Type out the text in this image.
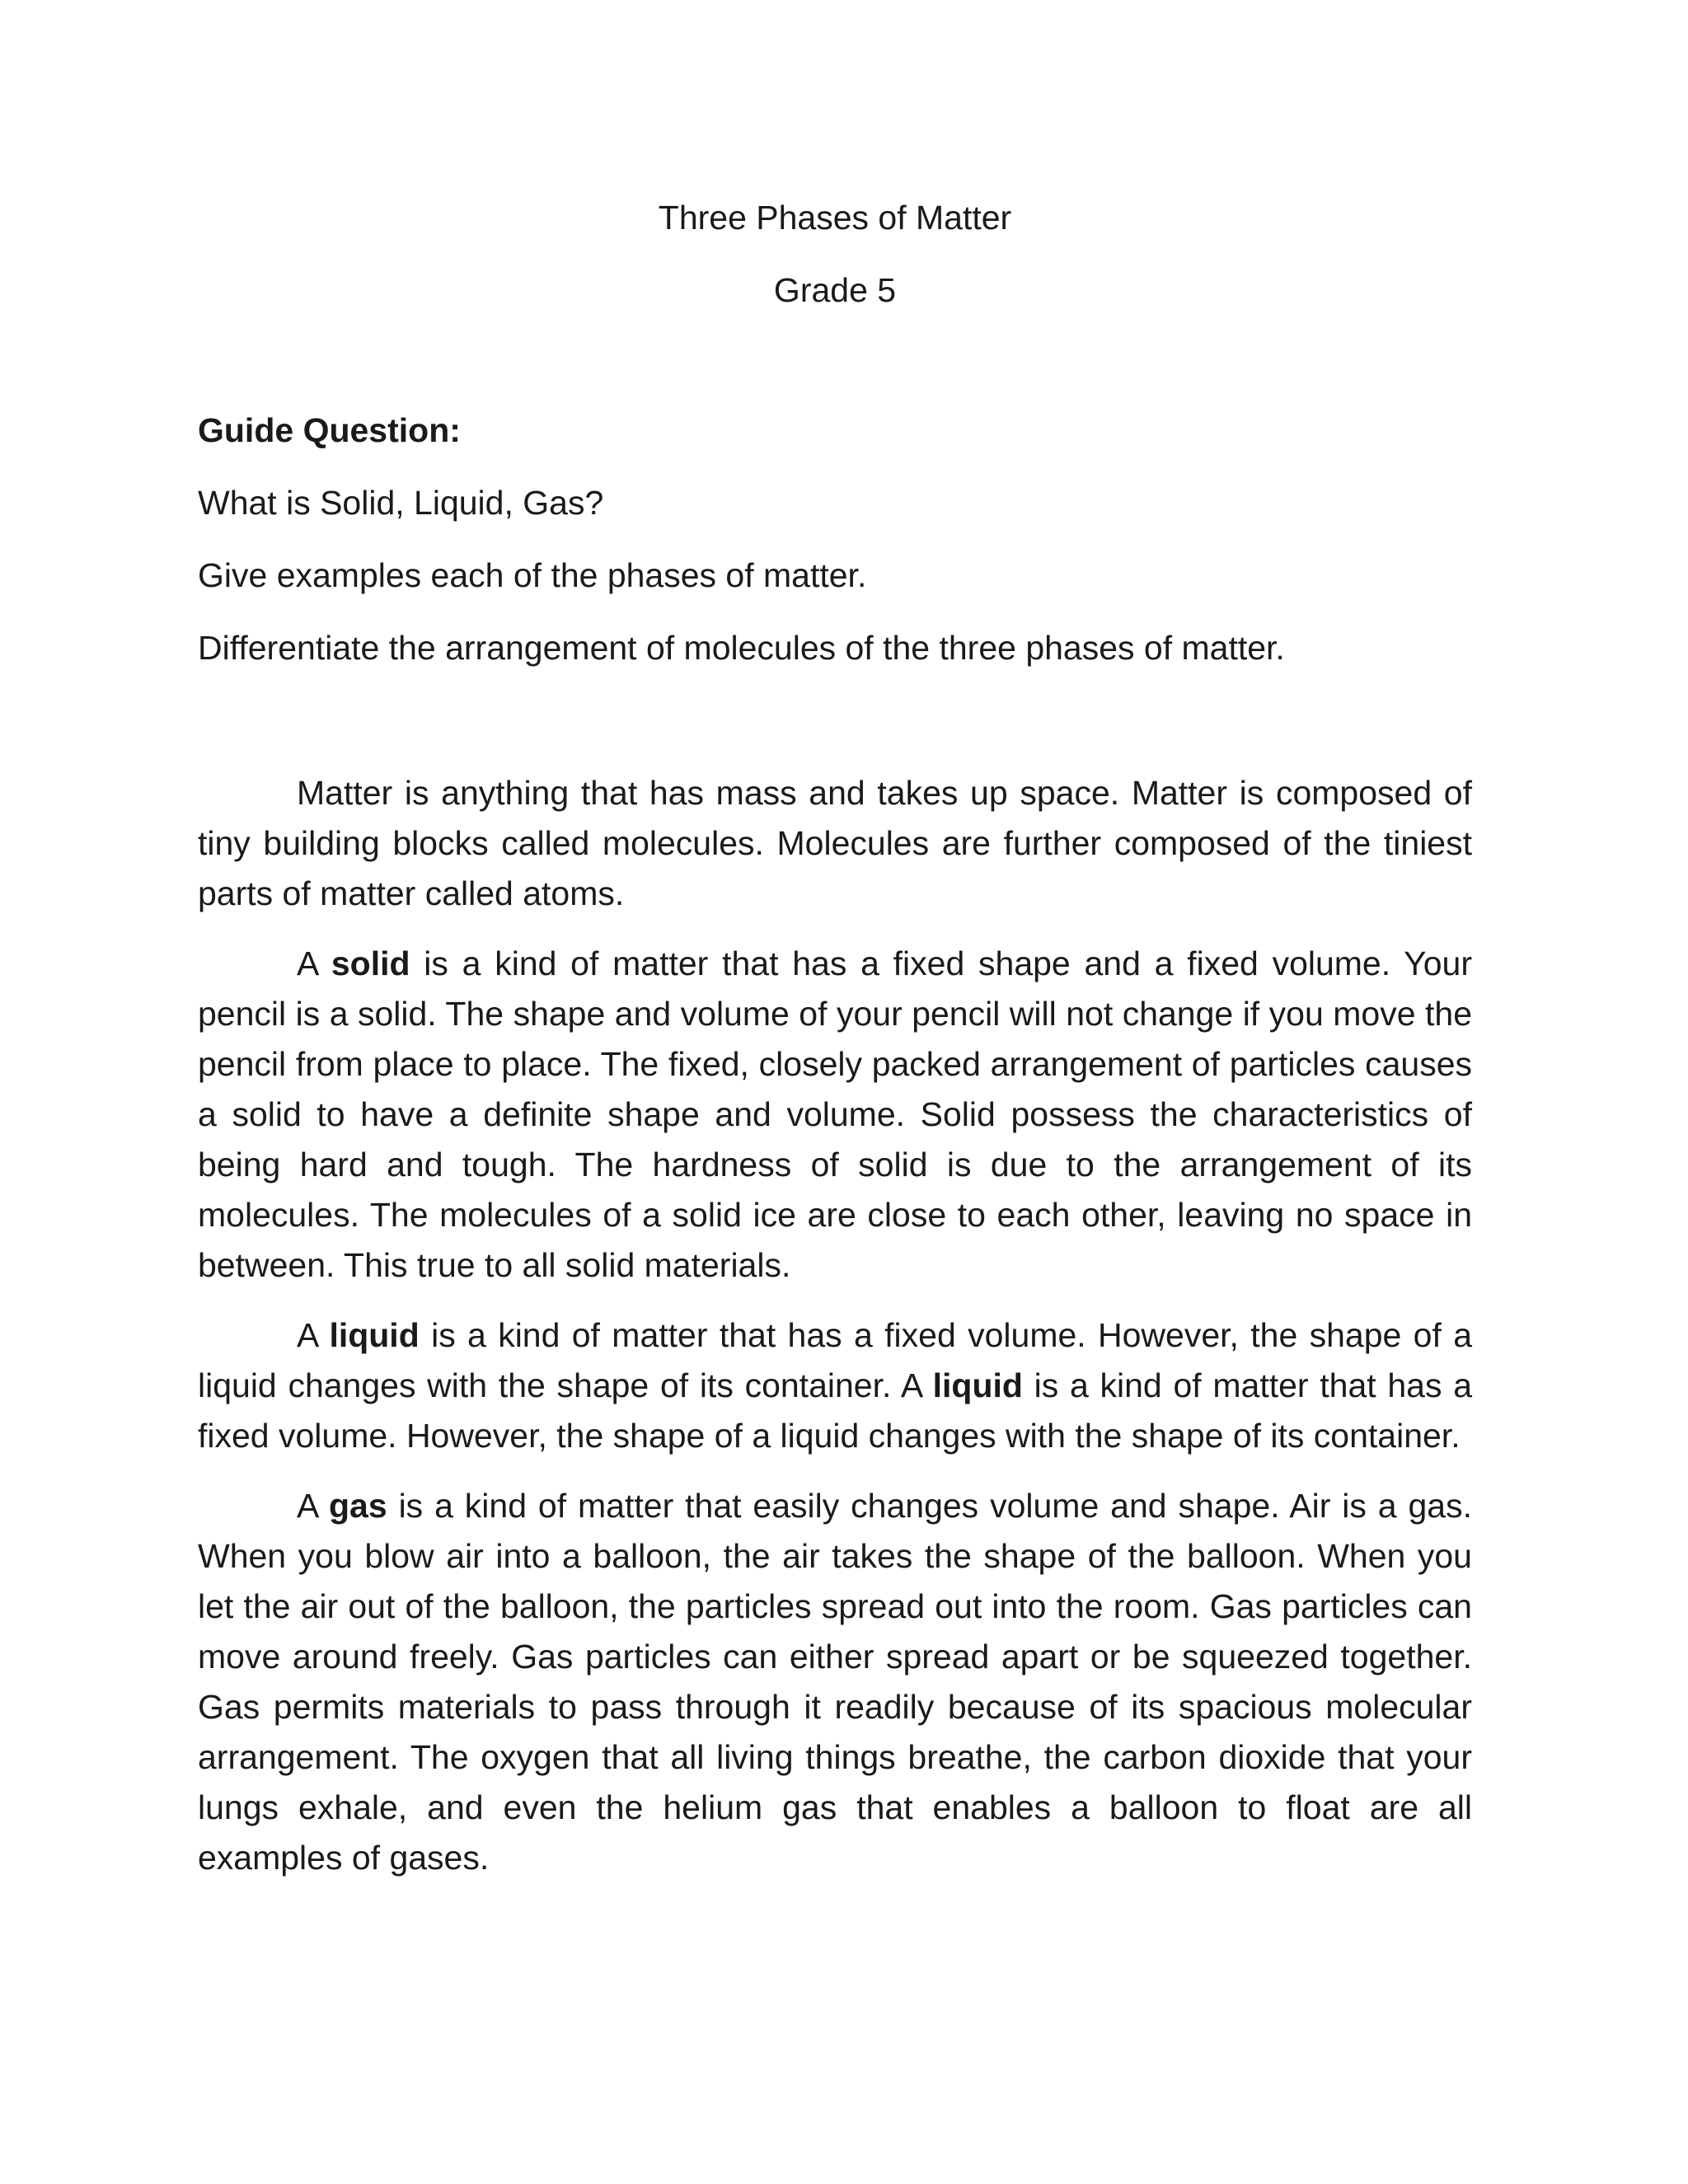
Three Phases of Matter

Grade 5

Guide Question:

What is Solid, Liquid, Gas?

Give examples each of the phases of matter.

Differentiate the arrangement of molecules of the three phases of matter.

Matter is anything that has mass and takes up space. Matter is composed of tiny building blocks called molecules. Molecules are further composed of the tiniest parts of matter called atoms.

A solid is a kind of matter that has a fixed shape and a fixed volume. Your pencil is a solid. The shape and volume of your pencil will not change if you move the pencil from place to place. The fixed, closely packed arrangement of particles causes a solid to have a definite shape and volume. Solid possess the characteristics of being hard and tough. The hardness of solid is due to the arrangement of its molecules. The molecules of a solid ice are close to each other, leaving no space in between. This true to all solid materials.

A liquid is a kind of matter that has a fixed volume. However, the shape of a liquid changes with the shape of its container. A liquid is a kind of matter that has a fixed volume. However, the shape of a liquid changes with the shape of its container.

A gas is a kind of matter that easily changes volume and shape. Air is a gas. When you blow air into a balloon, the air takes the shape of the balloon. When you let the air out of the balloon, the particles spread out into the room. Gas particles can move around freely. Gas particles can either spread apart or be squeezed together. Gas permits materials to pass through it readily because of its spacious molecular arrangement. The oxygen that all living things breathe, the carbon dioxide that your lungs exhale, and even the helium gas that enables a balloon to float are all examples of gases.
